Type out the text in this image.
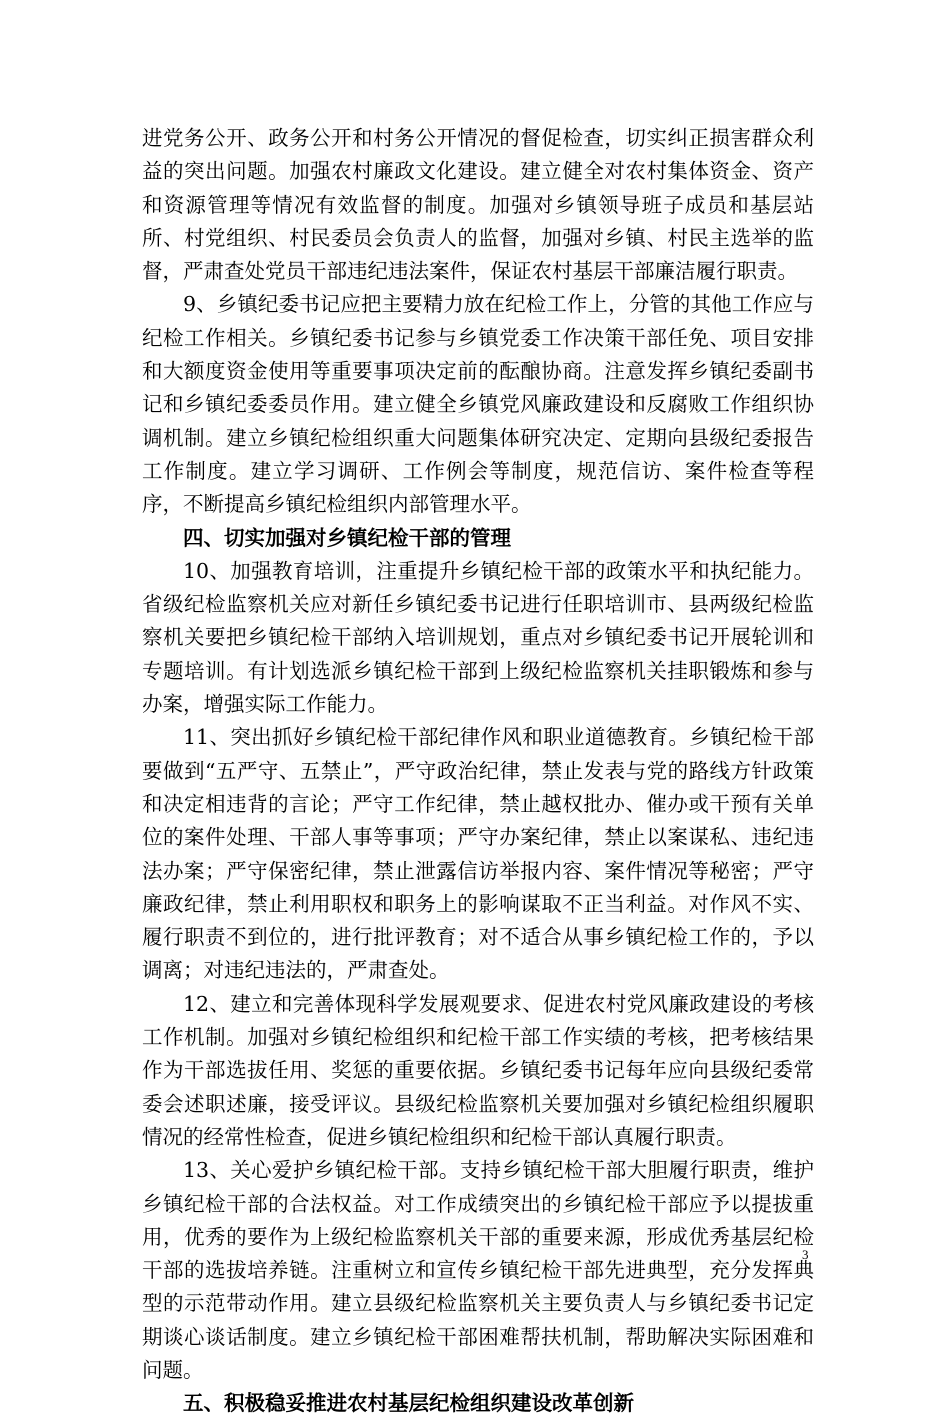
进党务公开、政务公开和村务公开情况的督促检查，切实纠正损害群众利益的突出问题。加强农村廉政文化建设。建立健全对农村集体资金、资产和资源管理等情况有效监督的制度。加强对乡镇领导班子成员和基层站所、村党组织、村民委员会负责人的监督，加强对乡镇、村民主选举的监督，严肃查处党员干部违纪违法案件，保证农村基层干部廉洁履行职责。

9、乡镇纪委书记应把主要精力放在纪检工作上，分管的其他工作应与纪检工作相关。乡镇纪委书记参与乡镇党委工作决策干部任免、项目安排和大额度资金使用等重要事项决定前的酝酿协商。注意发挥乡镇纪委副书记和乡镇纪委委员作用。建立健全乡镇党风廉政建设和反腐败工作组织协调机制。建立乡镇纪检组织重大问题集体研究决定、定期向县级纪委报告工作制度。建立学习调研、工作例会等制度，规范信访、案件检查等程序，不断提高乡镇纪检组织内部管理水平。

四、切实加强对乡镇纪检干部的管理

10、加强教育培训，注重提升乡镇纪检干部的政策水平和执纪能力。省级纪检监察机关应对新任乡镇纪委书记进行任职培训市、县两级纪检监察机关要把乡镇纪检干部纳入培训规划，重点对乡镇纪委书记开展轮训和专题培训。有计划选派乡镇纪检干部到上级纪检监察机关挂职锻炼和参与办案，增强实际工作能力。

11、突出抓好乡镇纪检干部纪律作风和职业道德教育。乡镇纪检干部要做到“五严守、五禁止”，严守政治纪律，禁止发表与党的路线方针政策和决定相违背的言论；严守工作纪律，禁止越权批办、催办或干预有关单位的案件处理、干部人事等事项；严守办案纪律，禁止以案谋私、违纪违法办案；严守保密纪律，禁止泄露信访举报内容、案件情况等秘密；严守廉政纪律，禁止利用职权和职务上的影响谋取不正当利益。对作风不实、履行职责不到位的，进行批评教育；对不适合从事乡镇纪检工作的，予以调离；对违纪违法的，严肃查处。

12、建立和完善体现科学发展观要求、促进农村党风廉政建设的考核工作机制。加强对乡镇纪检组织和纪检干部工作实绩的考核，把考核结果作为干部选拔任用、奖惩的重要依据。乡镇纪委书记每年应向县级纪委常委会述职述廉，接受评议。县级纪检监察机关要加强对乡镇纪检组织履职情况的经常性检查，促进乡镇纪检组织和纪检干部认真履行职责。

13、关心爱护乡镇纪检干部。支持乡镇纪检干部大胆履行职责，维护乡镇纪检干部的合法权益。对工作成绩突出的乡镇纪检干部应予以提拔重用，优秀的要作为上级纪检监察机关干部的重要来源，形成优秀基层纪检干部的选拔培养链。注重树立和宣传乡镇纪检干部先进典型，充分发挥典型的示范带动作用。建立县级纪检监察机关主要负责人与乡镇纪委书记定期谈心谈话制度。建立乡镇纪检干部困难帮扶机制，帮助解决实际困难和问题。

五、积极稳妥推进农村基层纪检组织建设改革创新

3
